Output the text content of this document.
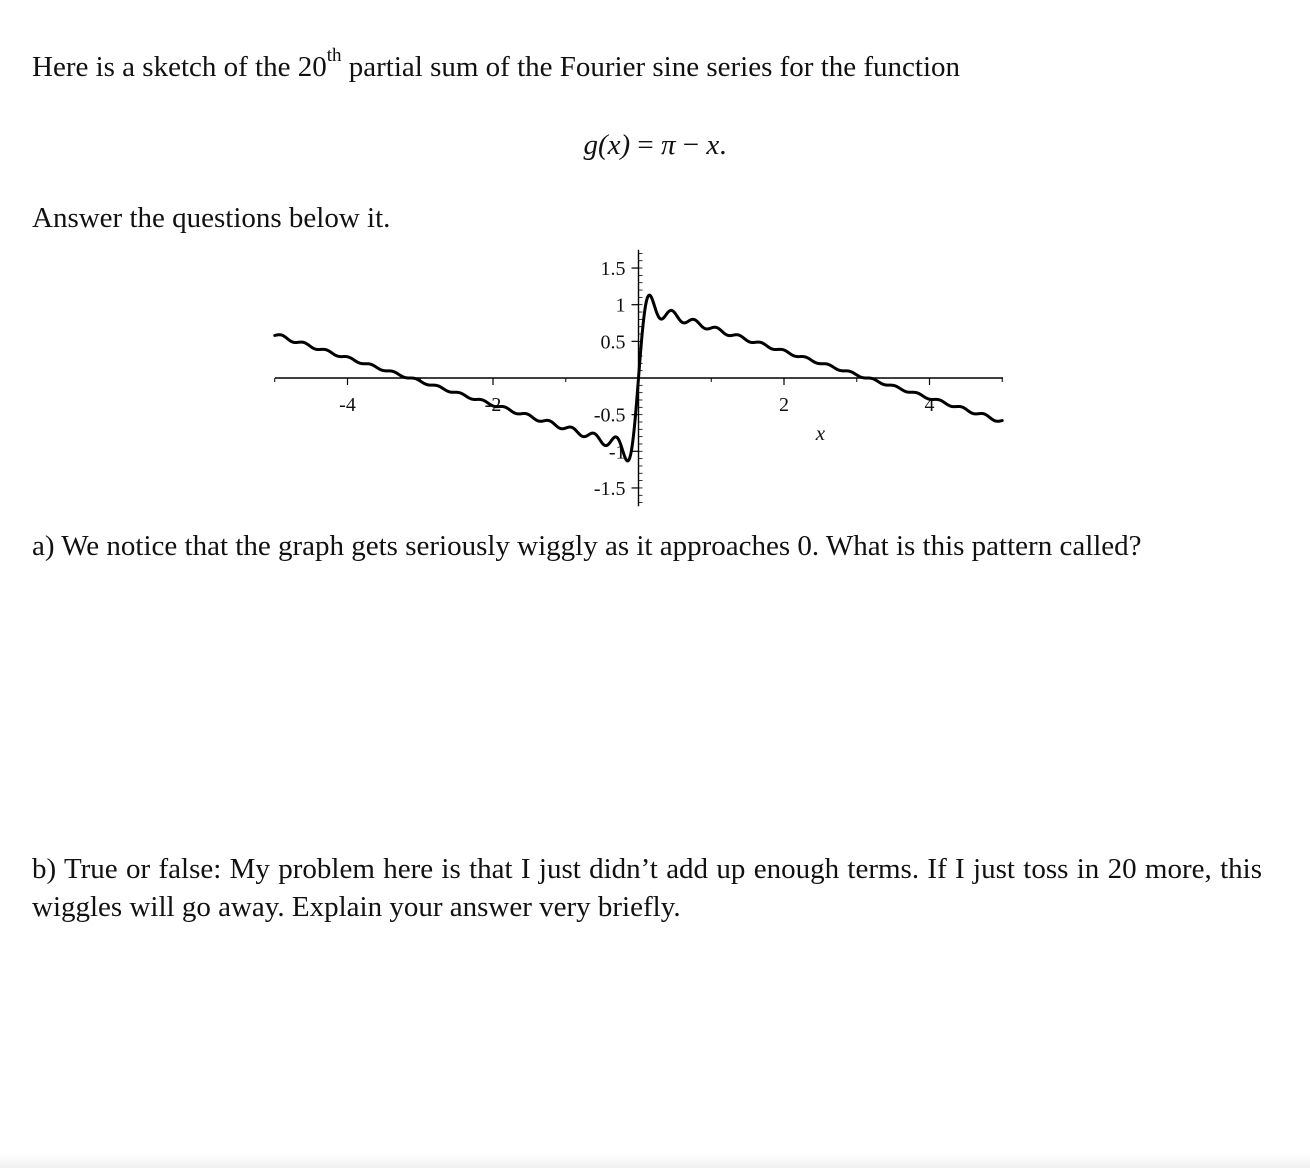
Here is a sketch of the 20th partial sum of the Fourier sine series for the function
g(x) = π − x.
Answer the questions below it.
-4	-2	2	4
1.5
1
0.5
-0.5
-1
-1.5
x
a) We notice that the graph gets seriously wiggly as it approaches 0. What is this pattern called?
b) True or false: My problem here is that I just didn’t add up enough terms. If I just toss in 20 more, this wiggles will go away. Explain your answer very briefly.
